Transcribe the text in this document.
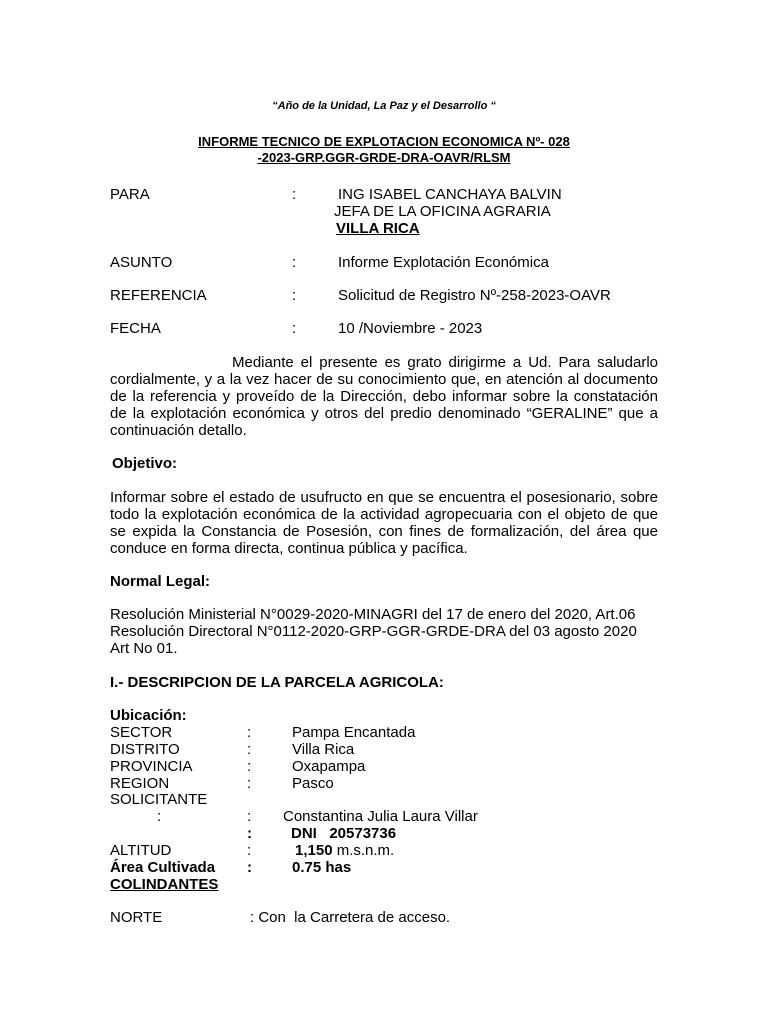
“Año de la Unidad, La Paz y el Desarrollo “
INFORME TECNICO DE EXPLOTACION ECONOMICA Nº- 028
-2023-GRP.GGR-GRDE-DRA-OAVR/RLSM
PARA	:	ING ISABEL CANCHAYA BALVIN
JEFA DE LA OFICINA AGRARIA
VILLA RICA
ASUNTO	:	Informe Explotación Económica
REFERENCIA	:	Solicitud de Registro Nº-258-2023-OAVR
FECHA	:	10 /Noviembre - 2023
Mediante el presente es grato dirigirme a Ud. Para saludarlo cordialmente, y a la vez hacer de su conocimiento que, en atención al documento de la referencia y proveído de la Dirección, debo informar sobre la constatación de la explotación económica y otros del predio denominado “GERALINE” que a continuación detallo.
Objetivo:
Informar sobre el estado de usufructo en que se encuentra el posesionario, sobre todo la explotación económica de la actividad agropecuaria con el objeto de que se expida la Constancia de Posesión, con fines de formalización, del área que conduce en forma directa, continua pública y pacífica.
Normal Legal:
Resolución Ministerial N°0029-2020-MINAGRI del 17 de enero del 2020, Art.06
Resolución Directoral N°0112-2020-GRP-GGR-GRDE-DRA del 03 agosto 2020
Art No 01.
I.- DESCRIPCION DE LA PARCELA AGRICOLA:
Ubicación:
SECTOR	:	Pampa Encantada
DISTRITO	:	Villa Rica
PROVINCIA	:	Oxapampa
REGION	:	Pasco
SOLICITANTE
:	: Constantina Julia Laura Villar
:	DNI   20573736
ALTITUD	:	1,150 m.s.n.m.
Área Cultivada :	0.75 has
COLINDANTES
NORTE	: Con  la Carretera de acceso.
